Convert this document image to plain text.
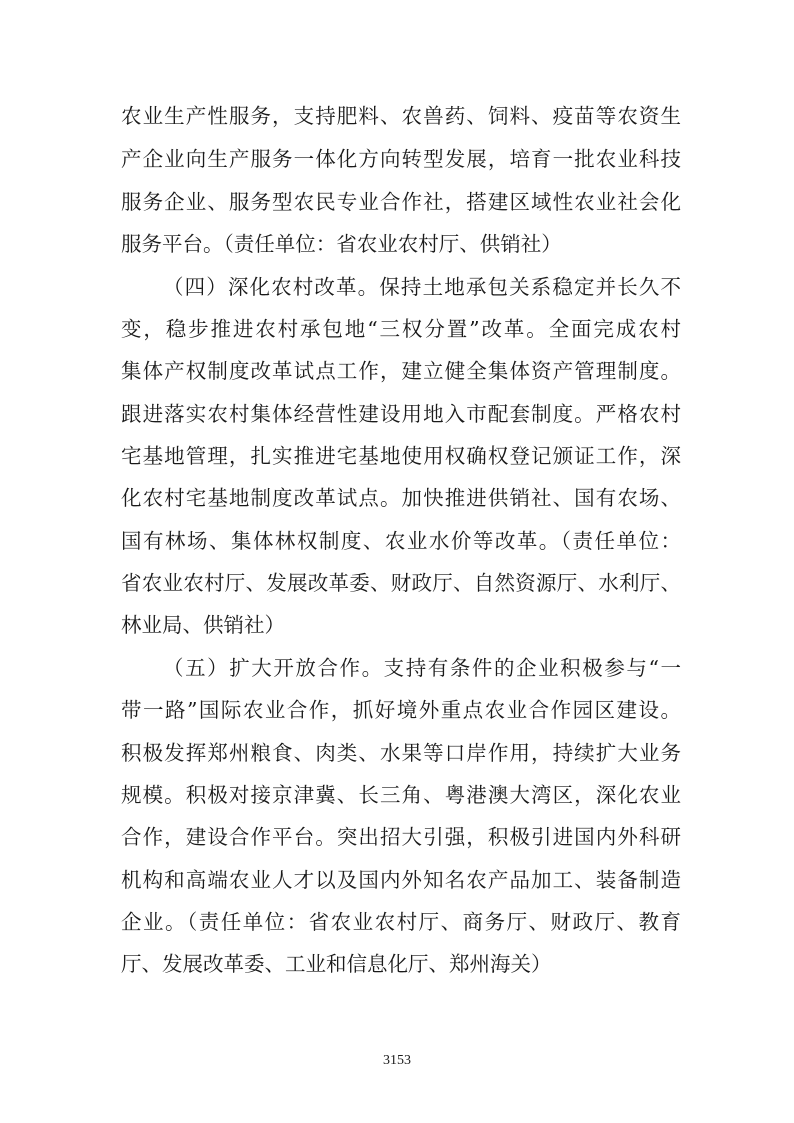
农业生产性服务，支持肥料、农兽药、饲料、疫苗等农资生
产企业向生产服务一体化方向转型发展，培育一批农业科技
服务企业、服务型农民专业合作社，搭建区域性农业社会化
服务平台。（责任单位：省农业农村厅、供销社）
（四）深化农村改革。保持土地承包关系稳定并长久不
变，稳步推进农村承包地“三权分置”改革。全面完成农村
集体产权制度改革试点工作，建立健全集体资产管理制度。
跟进落实农村集体经营性建设用地入市配套制度。严格农村
宅基地管理，扎实推进宅基地使用权确权登记颁证工作，深
化农村宅基地制度改革试点。加快推进供销社、国有农场、
国有林场、集体林权制度、农业水价等改革。（责任单位：
省农业农村厅、发展改革委、财政厅、自然资源厅、水利厅、
林业局、供销社）
（五）扩大开放合作。支持有条件的企业积极参与“一
带一路”国际农业合作，抓好境外重点农业合作园区建设。
积极发挥郑州粮食、肉类、水果等口岸作用，持续扩大业务
规模。积极对接京津冀、长三角、粤港澳大湾区，深化农业
合作，建设合作平台。突出招大引强，积极引进国内外科研
机构和高端农业人才以及国内外知名农产品加工、装备制造
企业。（责任单位：省农业农村厅、商务厅、财政厅、教育
厅、发展改革委、工业和信息化厅、郑州海关）
3153
